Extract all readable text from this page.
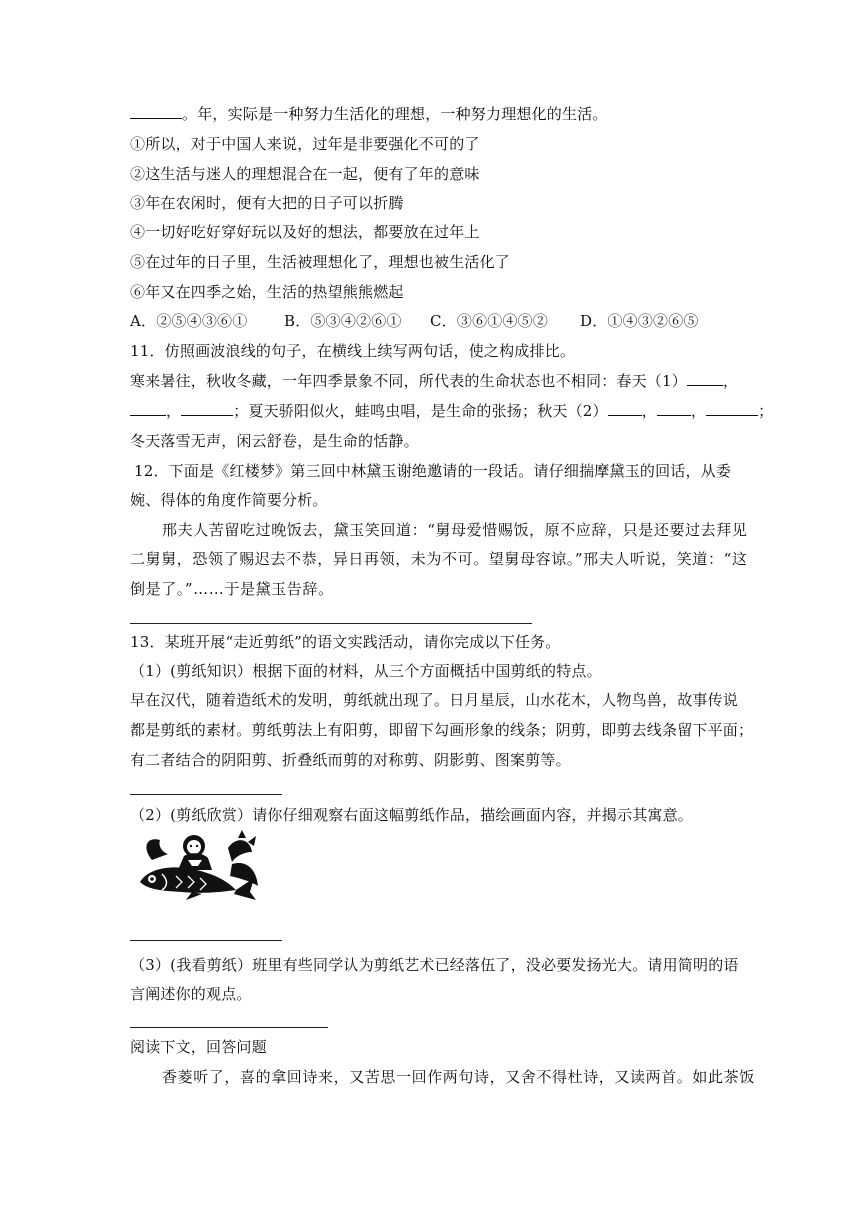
。年，实际是一种努力生活化的理想，一种努力理想化的生活。
①所以，对于中国人来说，过年是非要强化不可的了
②这生活与迷人的理想混合在一起，便有了年的意味
③年在农闲时，便有大把的日子可以折腾
④一切好吃好穿好玩以及好的想法，都要放在过年上
⑤在过年的日子里，生活被理想化了，理想也被生活化了
⑥年又在四季之始，生活的热望熊熊燃起
A．②⑤④③⑥① B．⑤③④②⑥① C．③⑥①④⑤② D．①④③②⑥⑤
11．仿照画波浪线的句子，在横线上续写两句话，使之构成排比。
寒来暑往，秋收冬藏，一年四季景象不同，所代表的生命状态也不相同：春天（1） ，
，	；夏天骄阳似火，蛙鸣虫唱，是生命的张扬；秋天（2） ， ，	；
冬天落雪无声，闲云舒卷，是生命的恬静。
12．下面是《红楼梦》第三回中林黛玉谢绝邀请的一段话。请仔细揣摩黛玉的回话，从委
婉、得体的角度作简要分析。
邢夫人苦留吃过晚饭去，黛玉笑回道：“舅母爱惜赐饭，原不应辞，只是还要过去拜见
二舅舅，恐领了赐迟去不恭，异日再领，未为不可。望舅母容谅。”邢夫人听说，笑道：“这
倒是了。”……于是黛玉告辞。
13．某班开展“走近剪纸”的语文实践活动，请你完成以下任务。
（1）(剪纸知识）根据下面的材料，从三个方面概括中国剪纸的特点。
早在汉代，随着造纸术的发明，剪纸就出现了。日月星辰，山水花木，人物鸟兽，故事传说
都是剪纸的素材。剪纸剪法上有阳剪，即留下勾画形象的线条；阴剪，即剪去线条留下平面；
有二者结合的阴阳剪、折叠纸而剪的对称剪、阴影剪、图案剪等。
（2）(剪纸欣赏）请你仔细观察右面这幅剪纸作品，描绘画面内容，并揭示其寓意。
（3）(我看剪纸）班里有些同学认为剪纸艺术已经落伍了，没必要发扬光大。请用简明的语
言阐述你的观点。
阅读下文，回答问题
香菱听了，喜的拿回诗来，又苦思一回作两句诗，又舍不得杜诗，又读两首。如此茶饭
